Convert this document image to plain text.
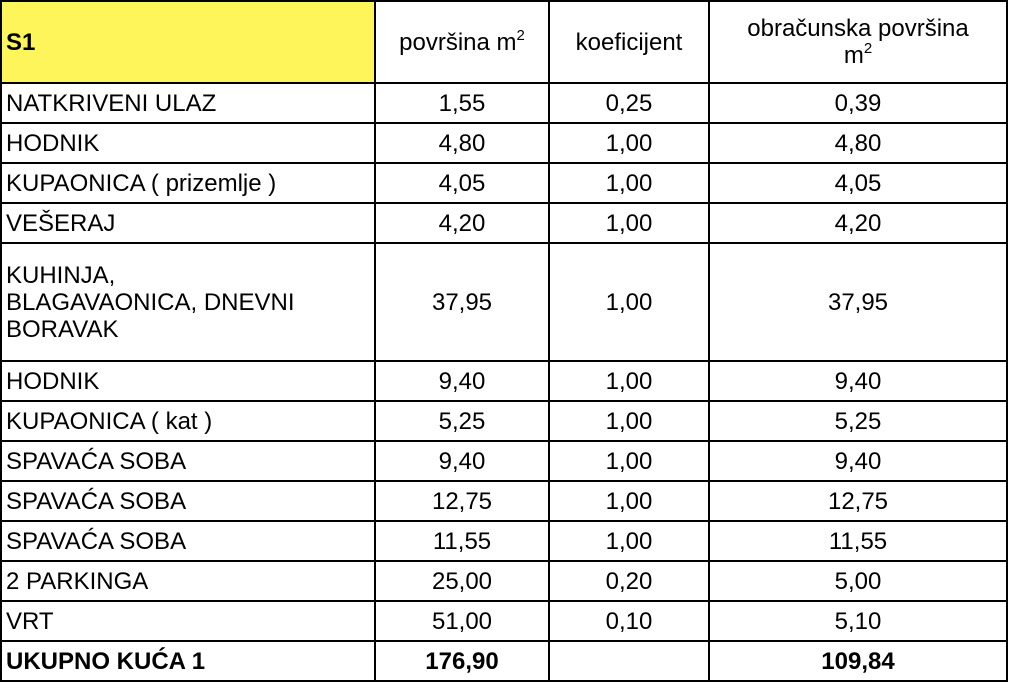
S1	površina $m^2$	koeficijent	obračunska površina
$m^2$

NATKRIVENI ULAZ	1,55	0,25	0,39
HODNIK	4,80	1,00	4,80
KUPAONICA ( prizemlje )	4,05	1,00	4,05
VEŠERAJ	4,20	1,00	4,20

KUHINJA,
BLAGAVAONICA, DNEVNI
BORAVAK	37,95	1,00	37,95
HODNIK	9,40	1,00	9,40
KUPAONICA ( kat )	5,25	1,00	5,25
SPAVAĆA SOBA	9,40	1,00	9,40
SPAVAĆA SOBA	12,75	1,00	12,75
SPAVAĆA SOBA	11,55	1,00	11,55
2 PARKINGA	25,00	0,20	5,00
VRT	51,00	0,10	5,10
UKUPNO KUĆA 1	176,90		109,84
